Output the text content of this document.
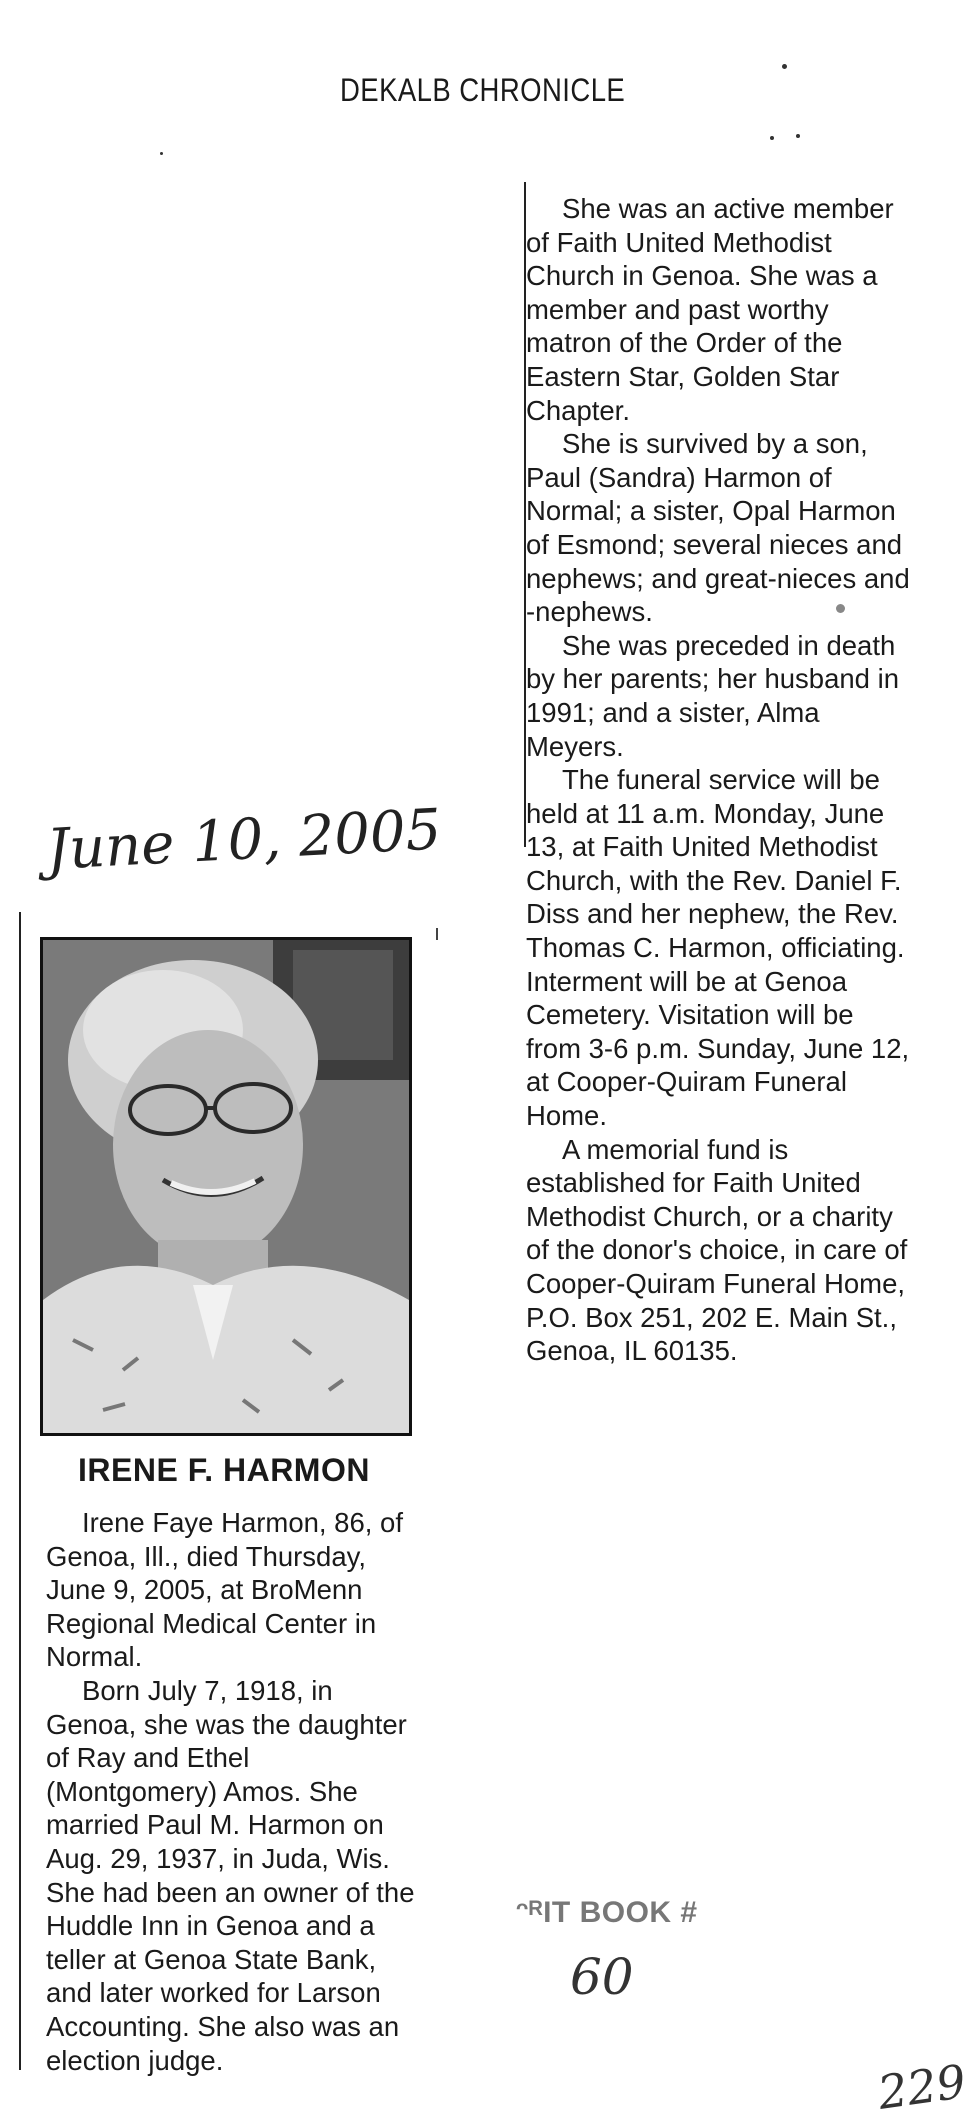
DEKALB CHRONICLE

She was an active member of Faith United Methodist Church in Genoa. She was a member and past worthy matron of the Order of the Eastern Star, Golden Star Chapter.

She is survived by a son, Paul (Sandra) Harmon of Normal; a sister, Opal Harmon of Esmond; several nieces and nephews; and great-nieces and -nephews.

She was preceded in death by her parents; her husband in 1991; and a sister, Alma Meyers.

The funeral service will be held at 11 a.m. Monday, June 13, at Faith United Methodist Church, with the Rev. Daniel F. Diss and her nephew, the Rev. Thomas C. Harmon, officiating. Interment will be at Genoa Cemetery. Visitation will be from 3-6 p.m. Sunday, June 12, at Cooper-Quiram Funeral Home.

A memorial fund is established for Faith United Methodist Church, or a charity of the donor's choice, in care of Cooper-Quiram Funeral Home, P.O. Box 251, 202 E. Main St., Genoa, IL 60135.

June 10, 2005
IRENE F. HARMON

Irene Faye Harmon, 86, of Genoa, Ill., died Thursday, June 9, 2005, at BroMenn Regional Medical Center in Normal.

Born July 7, 1918, in Genoa, she was the daughter of Ray and Ethel (Montgomery) Amos. She married Paul M. Harmon on Aug. 29, 1937, in Juda, Wis. She had been an owner of the Huddle Inn in Genoa and a teller at Genoa State Bank, and later worked for Larson Accounting. She also was an election judge.

ᵔᴿIT BOOK #
60
229
